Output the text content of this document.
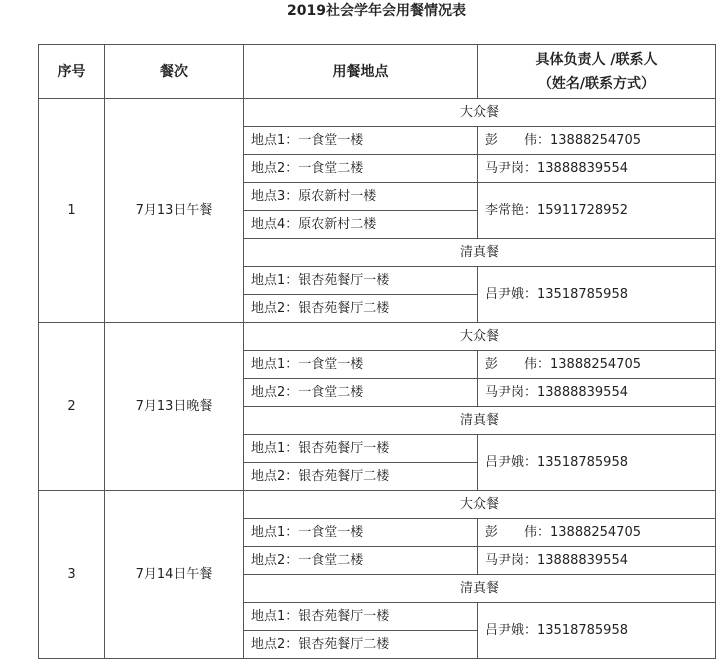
2019社会学年会用餐情况表
序号	餐次	用餐地点	具体负责人 /联系人
（姓名/联系方式）

1	7月13日午餐	大众餐	
		地点1：一食堂一楼	彭　　伟：13888254705
		地点2：一食堂二楼	马尹岗：13888839554
		地点3：原农新村一楼	李常艳：15911728952
		地点4：原农新村二楼	
		清真餐	
		地点1：银杏苑餐厅一楼	吕尹娥：13518785958
		地点2：银杏苑餐厅二楼	
2	7月13日晚餐	大众餐	
		地点1：一食堂一楼	彭　　伟：13888254705
		地点2：一食堂二楼	马尹岗：13888839554
		清真餐	
		地点1：银杏苑餐厅一楼	吕尹娥：13518785958
		地点2：银杏苑餐厅二楼	
3	7月14日午餐	大众餐	
		地点1：一食堂一楼	彭　　伟：13888254705
		地点2：一食堂二楼	马尹岗：13888839554
		清真餐	
		地点1：银杏苑餐厅一楼	吕尹娥：13518785958
		地点2：银杏苑餐厅二楼	
